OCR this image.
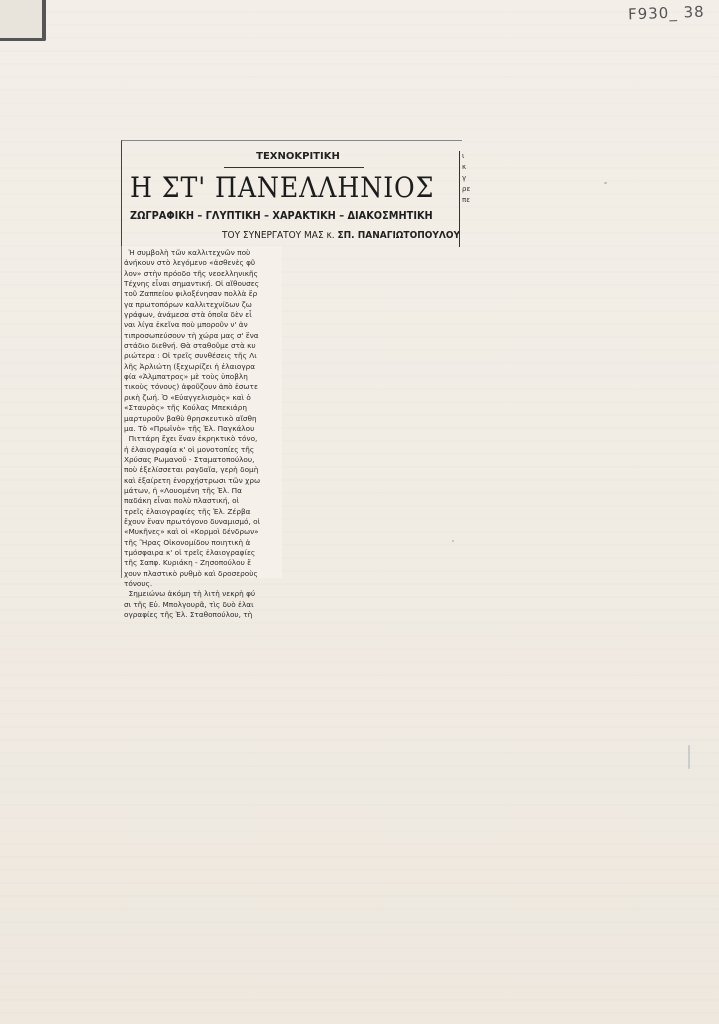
F930_ 38
ΤΕΧΝΟΚΡΙΤΙΚΗ
Η ΣΤ' ΠΑΝΕΛΛΗΝΙΟΣ
ΖΩΓΡΑΦΙΚΗ – ΓΛΥΠΤΙΚΗ – ΧΑΡΑΚΤΙΚΗ – ΔΙΑΚΟΣΜΗΤΙΚΗ
ΤΟΥ ΣΥΝΕΡΓΑΤΟΥ ΜΑΣ κ. ΣΠ. ΠΑΝΑΓΙΩΤΟΠΟΥΛΟΥ
ι
κ
γ
ρε
πε
Ἡ συμβολὴ τῶν καλλιτεχνῶν ποὺ
ἀνήκουν στὸ λεγόμενο «ἀσθενὲς φῦ
λον» στὴν πρόοδο τῆς νεοελληνικῆς
Τέχνης εἶναι σημαντική. Οἱ αἴθουσες
τοῦ Ζαππείου φιλοξένησαν πολλὰ ἔρ
γα πρωτοπόρων καλλιτεχνίδων ζω
γράφων, ἀνάμεσα στὰ ὁποῖα δὲν εἶ
ναι λίγα ἐκεῖνα ποὺ μποροῦν ν' ἀν
τιπροσωπεύσουν τὴ χώρα μας σ' ἕνα
στάδιο διεθνή. Θὰ σταθοῦμε στὰ κυ
ριώτερα : Οἱ τρεῖς συνθέσεις τῆς Λι
λῆς Ἀρλιώτη (ξεχωρίζει ἡ ἐλαιογρα
φία «Ἀλμπατρος» μὲ τοὺς ὑποβλη
τικοὺς τόνους) ἀφοῦζουν ἀπὸ ἐσωτε
ρικὴ ζωή. Ὁ «Εὐαγγελισμὸς» καὶ ὁ
«Σταυρὸς» τῆς Κούλας Μπεκιάρη
μαρτυροῦν βαθὺ θρησκευτικὸ αἴσθη
μα. Τὸ «Πρωϊνὸ» τῆς Ἐλ. Παγκάλου
Πιττάρη ἔχει ἕναν ἐκρηκτικὸ τόνο,
ἡ ἐλαιογραφία κ' οἱ μονοτοπίες τῆς
Χρύσας Ρωμανοῦ - Σταματοπούλου,
ποὺ ἐξελίσσεται ραγδαῖα, γερὴ δομὴ
καὶ ἐξαίρετη ἐνορχήστρωσι τῶν χρω
μάτων, ἡ «Λουομένη τῆς Ἐλ. Πα
παδάκη εἶναι πολὺ πλαστική, οἱ
τρεῖς ἐλαιογραφίες τῆς Ἐλ. Ζέρβα
ἔχουν ἕναν πρωτόγονο δυναμισμό, οἱ
«Μυκῆνες» καὶ οἱ «Κορμοὶ δένδρων»
τῆς Ἥρας Οἰκονομίδου ποιητικὴ ἀ
τμόσφαιρα κ' οἱ τρεῖς ἐλαιογραφίες
τῆς Σαπφ. Κυριάκη - Ζησοπούλου ἔ
χουν πλαστικὸ ρυθμὸ καὶ δροσεροὺς
τόνους.
Σημειώνω ἀκόμη τὴ λιτὴ νεκρὴ φύ
σι τῆς Εὐ. Μπολγουρᾶ, τὶς δυὸ ἐλαι
ογραφίες τῆς Ἐλ. Σταθοπούλου, τὴ
